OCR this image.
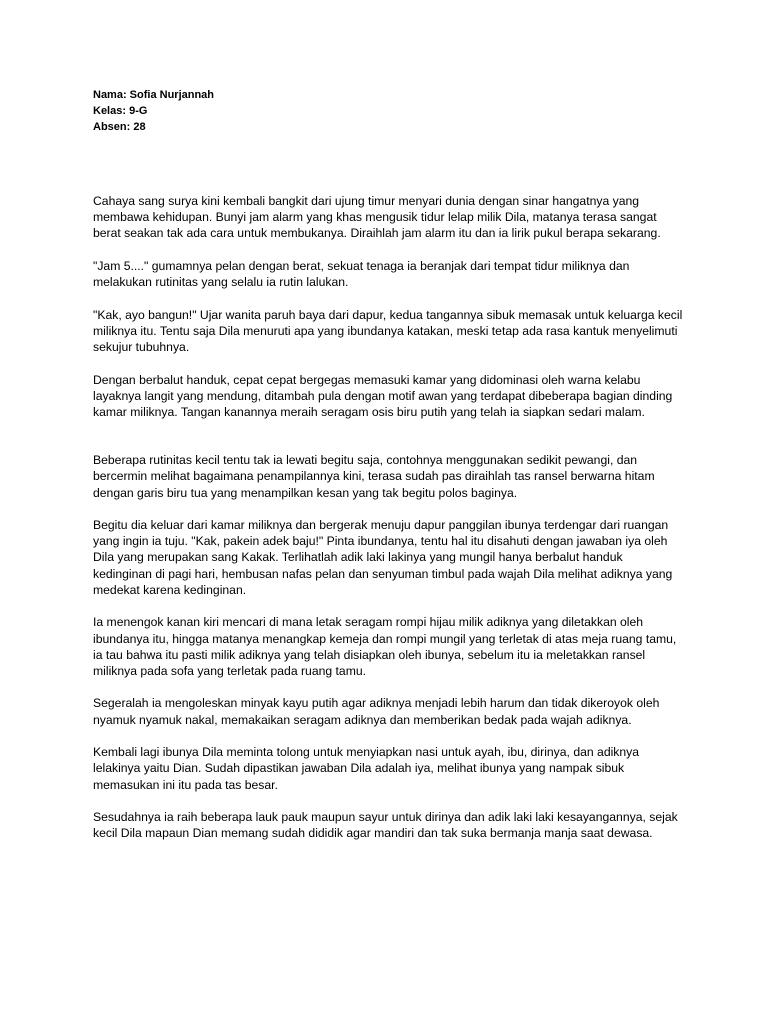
Nama: Sofia Nurjannah
Kelas: 9-G
Absen: 28

Cahaya sang surya kini kembali bangkit dari ujung timur menyari dunia dengan sinar hangatnya yang membawa kehidupan. Bunyi jam alarm yang khas mengusik tidur lelap milik Dila, matanya terasa sangat berat seakan tak ada cara untuk membukanya. Diraihlah jam alarm itu dan ia lirik pukul berapa sekarang.

"Jam 5...." gumamnya pelan dengan berat, sekuat tenaga ia beranjak dari tempat tidur miliknya dan melakukan rutinitas yang selalu ia rutin lalukan.

"Kak, ayo bangun!" Ujar wanita paruh baya dari dapur, kedua tangannya sibuk memasak untuk keluarga kecil miliknya itu. Tentu saja Dila menuruti apa yang ibundanya katakan, meski tetap ada rasa kantuk menyelimuti sekujur tubuhnya.

Dengan berbalut handuk, cepat cepat bergegas memasuki kamar yang didominasi oleh warna kelabu layaknya langit yang mendung, ditambah pula dengan motif awan yang terdapat dibeberapa bagian dinding kamar miliknya. Tangan kanannya meraih seragam osis biru putih yang telah ia siapkan sedari malam.

Beberapa rutinitas kecil tentu tak ia lewati begitu saja, contohnya menggunakan sedikit pewangi, dan bercermin melihat bagaimana penampilannya kini, terasa sudah pas diraihlah tas ransel berwarna hitam dengan garis biru tua yang menampilkan kesan yang tak begitu polos baginya.

Begitu dia keluar dari kamar miliknya dan bergerak menuju dapur panggilan ibunya terdengar dari ruangan yang ingin ia tuju. "Kak, pakein adek baju!" Pinta ibundanya, tentu hal itu disahuti dengan jawaban iya oleh Dila yang merupakan sang Kakak. Terlihatlah adik laki lakinya yang mungil hanya berbalut handuk kedinginan di pagi hari, hembusan nafas pelan dan senyuman timbul pada wajah Dila melihat adiknya yang medekat karena kedinginan.

Ia menengok kanan kiri mencari di mana letak seragam rompi hijau milik adiknya yang diletakkan oleh ibundanya itu, hingga matanya menangkap kemeja dan rompi mungil yang terletak di atas meja ruang tamu, ia tau bahwa itu pasti milik adiknya yang telah disiapkan oleh ibunya, sebelum itu ia meletakkan ransel miliknya pada sofa yang terletak pada ruang tamu.

Segeralah ia mengoleskan minyak kayu putih agar adiknya menjadi lebih harum dan tidak dikeroyok oleh nyamuk nyamuk nakal, memakaikan seragam adiknya dan memberikan bedak pada wajah adiknya.

Kembali lagi ibunya Dila meminta tolong untuk menyiapkan nasi untuk ayah, ibu, dirinya, dan adiknya lelakinya yaitu Dian. Sudah dipastikan jawaban Dila adalah iya, melihat ibunya yang nampak sibuk memasukan ini itu pada tas besar.

Sesudahnya ia raih beberapa lauk pauk maupun sayur untuk dirinya dan adik laki laki kesayangannya, sejak kecil Dila mapaun Dian memang sudah dididik agar mandiri dan tak suka bermanja manja saat dewasa.
